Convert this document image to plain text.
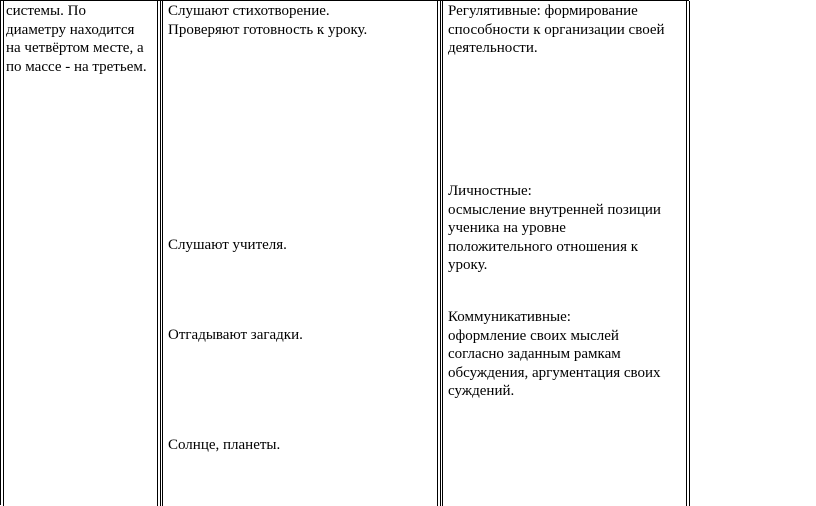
системы. По
диаметру находится
на четвёртом месте, а
по массе - на третьем.
Слушают стихотворение.
Проверяют готовность к уроку.
Слушают учителя.
Отгадывают загадки.
Солнце, планеты.
Регулятивные: формирование
способности к организации своей
деятельности.
Личностные:
осмысление внутренней позиции
ученика на уровне
положительного отношения к
уроку.
Коммуникативные:
оформление своих мыслей
согласно заданным рамкам
обсуждения, аргументация своих
суждений.
